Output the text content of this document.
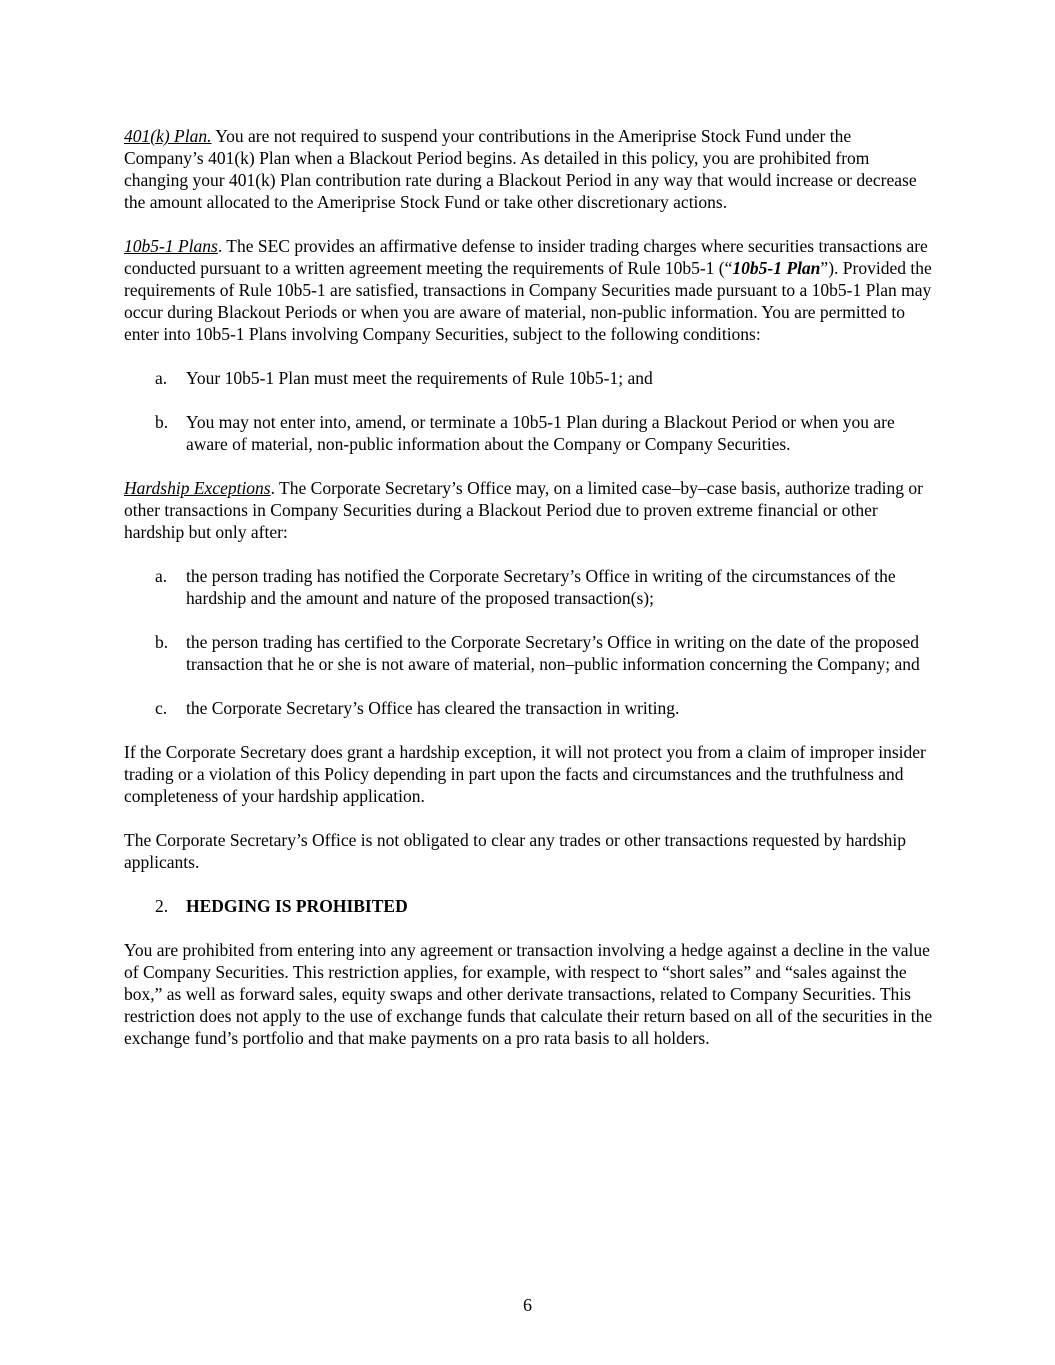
401(k) Plan. You are not required to suspend your contributions in the Ameriprise Stock Fund under the Company’s 401(k) Plan when a Blackout Period begins. As detailed in this policy, you are prohibited from changing your 401(k) Plan contribution rate during a Blackout Period in any way that would increase or decrease the amount allocated to the Ameriprise Stock Fund or take other discretionary actions.

10b5-1 Plans. The SEC provides an affirmative defense to insider trading charges where securities transactions are conducted pursuant to a written agreement meeting the requirements of Rule 10b5-1 (“10b5-1 Plan”). Provided the requirements of Rule 10b5-1 are satisfied, transactions in Company Securities made pursuant to a 10b5-1 Plan may occur during Blackout Periods or when you are aware of material, non-public information. You are permitted to enter into 10b5-1 Plans involving Company Securities, subject to the following conditions:

a. Your 10b5-1 Plan must meet the requirements of Rule 10b5-1; and
b. You may not enter into, amend, or terminate a 10b5-1 Plan during a Blackout Period or when you are aware of material, non-public information about the Company or Company Securities.

Hardship Exceptions. The Corporate Secretary’s Office may, on a limited case–by–case basis, authorize trading or other transactions in Company Securities during a Blackout Period due to proven extreme financial or other hardship but only after:

a. the person trading has notified the Corporate Secretary’s Office in writing of the circumstances of the hardship and the amount and nature of the proposed transaction(s);
b. the person trading has certified to the Corporate Secretary’s Office in writing on the date of the proposed transaction that he or she is not aware of material, non–public information concerning the Company; and
c. the Corporate Secretary’s Office has cleared the transaction in writing.

If the Corporate Secretary does grant a hardship exception, it will not protect you from a claim of improper insider trading or a violation of this Policy depending in part upon the facts and circumstances and the truthfulness and completeness of your hardship application.

The Corporate Secretary’s Office is not obligated to clear any trades or other transactions requested by hardship applicants.

2. HEDGING IS PROHIBITED

You are prohibited from entering into any agreement or transaction involving a hedge against a decline in the value of Company Securities. This restriction applies, for example, with respect to “short sales” and “sales against the box,” as well as forward sales, equity swaps and other derivate transactions, related to Company Securities. This restriction does not apply to the use of exchange funds that calculate their return based on all of the securities in the exchange fund’s portfolio and that make payments on a pro rata basis to all holders.

6
